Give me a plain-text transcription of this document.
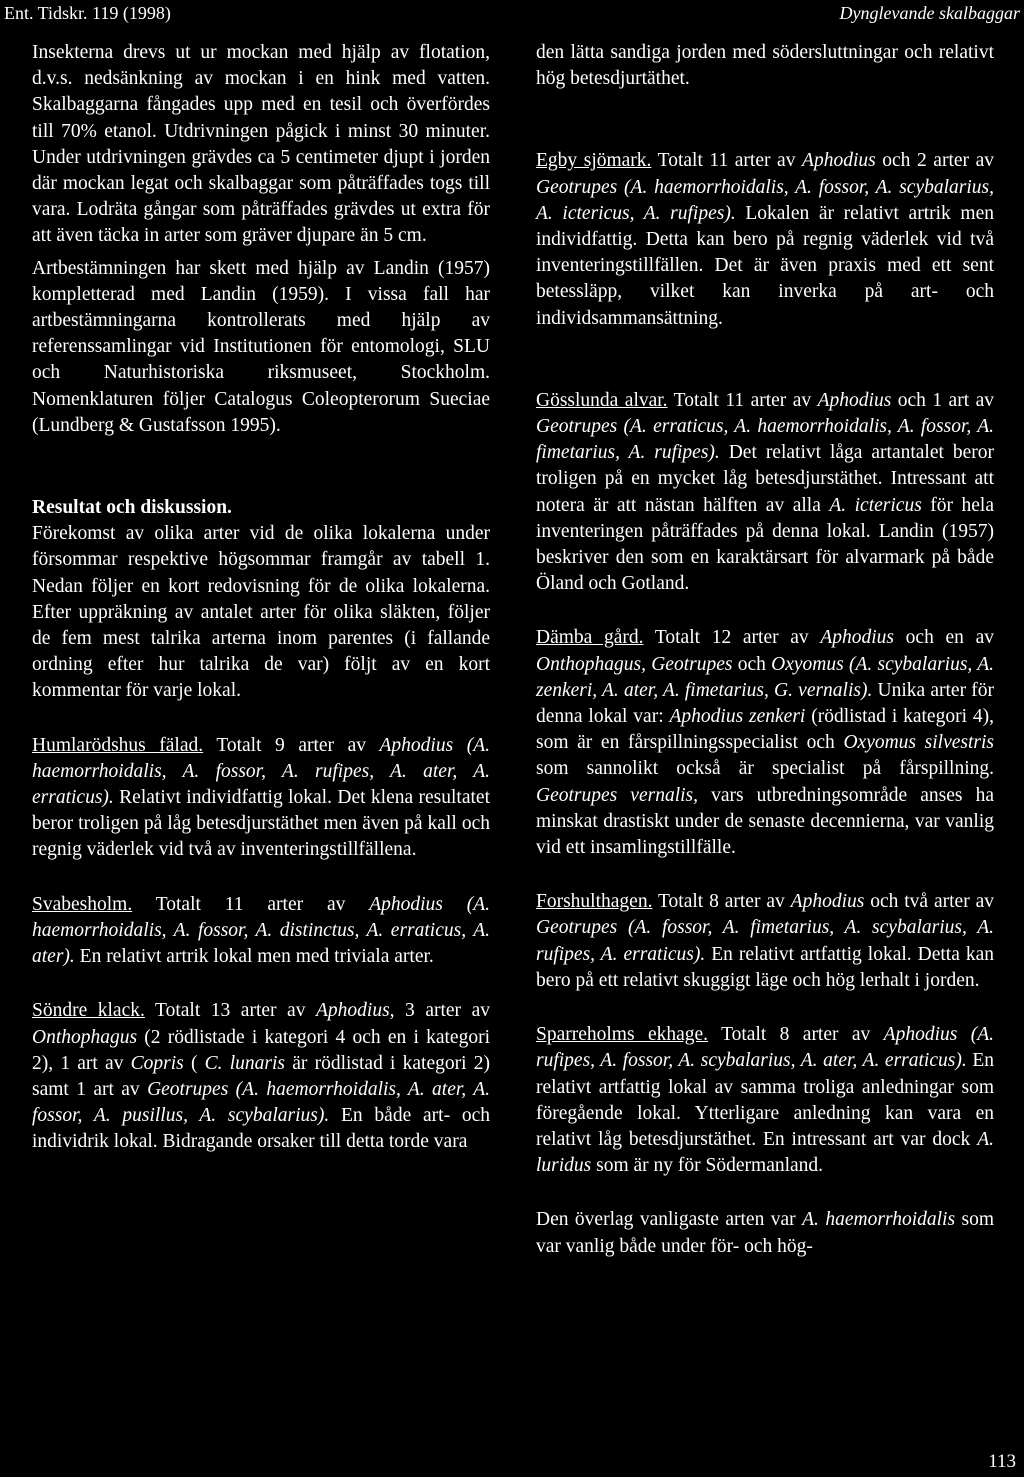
Ent. Tidskr. 119 (1998)	Dynglevande skalbaggar

Insekterna drevs ut ur mockan med hjälp av flotation, d.v.s. nedsänkning av mockan i en hink med vatten. Skalbaggarna fångades upp med en tesil och överfördes till 70% etanol. Utdrivningen pågick i minst 30 minuter. Under utdrivningen grävdes ca 5 centimeter djupt i jorden där mockan legat och skalbaggar som påträffades togs till vara. Lodräta gångar som påträffades grävdes ut extra för att även täcka in arter som gräver djupare än 5 cm.

Artbestämningen har skett med hjälp av Landin (1957) kompletterad med Landin (1959). I vissa fall har artbestämningarna kontrollerats med hjälp av referenssamlingar vid Institutionen för entomologi, SLU och Naturhistoriska riksmuseet, Stockholm. Nomenklaturen följer Catalogus Coleopterorum Sueciae (Lundberg & Gustafsson 1995).

Resultat och diskussion.

Förekomst av olika arter vid de olika lokalerna under försommar respektive högsommar framgår av tabell 1. Nedan följer en kort redovisning för de olika lokalerna. Efter uppräkning av antalet arter för olika släkten, följer de fem mest talrika arterna inom parentes (i fallande ordning efter hur talrika de var) följt av en kort kommentar för varje lokal.

Humlarödshus fälad. Totalt 9 arter av Aphodius (A. haemorrhoidalis, A. fossor, A. rufipes, A. ater, A. erraticus). Relativt individfattig lokal. Det klena resultatet beror troligen på låg betesdjurstäthet men även på kall och regnig väderlek vid två av inventeringstillfällena.

Svabesholm. Totalt 11 arter av Aphodius (A. haemorrhoidalis, A. fossor, A. distinctus, A. erraticus, A. ater). En relativt artrik lokal men med triviala arter.

Söndre klack. Totalt 13 arter av Aphodius, 3 arter av Onthophagus (2 rödlistade i kategori 4 och en i kategori 2), 1 art av Copris ( C. lunaris är rödlistad i kategori 2) samt 1 art av Geotrupes (A. haemorrhoidalis, A. ater, A. fossor, A. pusillus, A. scybalarius). En både art- och individrik lokal. Bidragande orsaker till detta torde vara

den lätta sandiga jorden med södersluttningar och relativt hög betesdjurtäthet.

Egby sjömark. Totalt 11 arter av Aphodius och 2 arter av Geotrupes (A. haemorrhoidalis, A. fossor, A. scybalarius, A. ictericus, A. rufipes). Lokalen är relativt artrik men individfattig. Detta kan bero på regnig väderlek vid två inventeringstillfällen. Det är även praxis med ett sent betessläpp, vilket kan inverka på art- och individsammansättning.

Gösslunda alvar. Totalt 11 arter av Aphodius och 1 art av Geotrupes (A. erraticus, A. haemorrhoidalis, A. fossor, A. fimetarius, A. rufipes). Det relativt låga artantalet beror troligen på en mycket låg betesdjurstäthet. Intressant att notera är att nästan hälften av alla A. ictericus för hela inventeringen påträffades på denna lokal. Landin (1957) beskriver den som en karaktärsart för alvarmark på både Öland och Gotland.

Dämba gård. Totalt 12 arter av Aphodius och en av Onthophagus, Geotrupes och Oxyomus (A. scybalarius, A. zenkeri, A. ater, A. fimetarius, G. vernalis). Unika arter för denna lokal var: Aphodius zenkeri (rödlistad i kategori 4), som är en fårspillningsspecialist och Oxyomus silvestris som sannolikt också är specialist på fårspillning. Geotrupes vernalis, vars utbredningsområde anses ha minskat drastiskt under de senaste decennierna, var vanlig vid ett insamlingstillfälle.

Forshulthagen. Totalt 8 arter av Aphodius och två arter av Geotrupes (A. fossor, A. fimetarius, A. scybalarius, A. rufipes, A. erraticus). En relativt artfattig lokal. Detta kan bero på ett relativt skuggigt läge och hög lerhalt i jorden.

Sparreholms ekhage. Totalt 8 arter av Aphodius (A. rufipes, A. fossor, A. scybalarius, A. ater, A. erraticus). En relativt artfattig lokal av samma troliga anledningar som föregående lokal. Ytterligare anledning kan vara en relativt låg betesdjurstäthet. En intressant art var dock A. luridus som är ny för Södermanland.

Den överlag vanligaste arten var A. haemorrhoidalis som var vanlig både under för- och hög-

113
